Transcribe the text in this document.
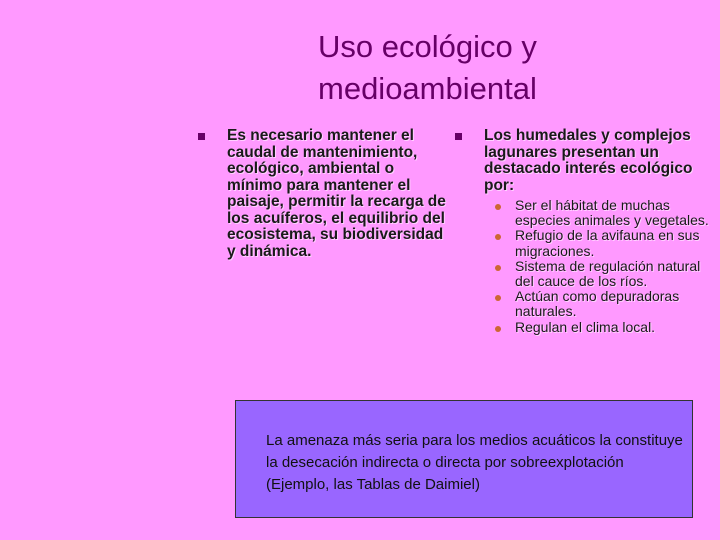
Uso ecológico y medioambiental
Es necesario mantener el caudal de mantenimiento, ecológico, ambiental o mínimo para mantener el paisaje, permitir la recarga de los acuíferos, el equilibrio del ecosistema, su biodiversidad y dinámica.
Los humedales y complejos lagunares presentan un destacado interés ecológico por:
Ser el hábitat de muchas especies animales y vegetales.
Refugio de la avifauna en sus migraciones.
Sistema de regulación natural del cauce de los ríos.
Actúan como depuradoras naturales.
Regulan el clima local.
La amenaza más seria para los medios acuáticos la constituye la desecación indirecta o directa por sobreexplotación (Ejemplo, las Tablas de Daimiel)
